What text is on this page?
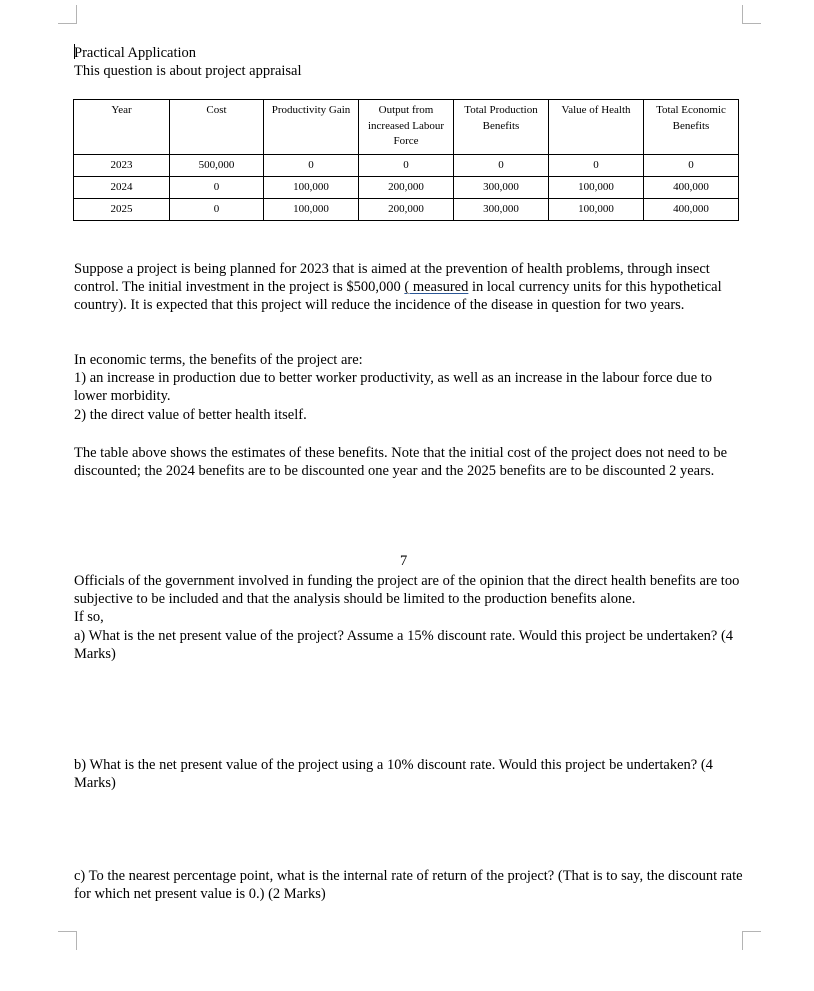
Practical Application
This question is about project appraisal
Year	Cost	Productivity Gain	Output from increased Labour Force	Total Production Benefits	Value of Health	Total Economic Benefits
2023	500,000	0	0	0	0	0
2024	0	100,000	200,000	300,000	100,000	400,000
2025	0	100,000	200,000	300,000	100,000	400,000

Suppose a project is being planned for 2023 that is aimed at the prevention of health problems, through insect control. The initial investment in the project is $500,000 ( measured in local currency units for this hypothetical country). It is expected that this project will reduce the incidence of the disease in question for two years.

In economic terms, the benefits of the project are:

1) an increase in production due to better worker productivity, as well as an increase in the labour force due to lower morbidity.

2) the direct value of better health itself.

The table above shows the estimates of these benefits. Note that the initial cost of the project does not need to be discounted; the 2024 benefits are to be discounted one year and the 2025 benefits are to be discounted 2 years.

7

Officials of the government involved in funding the project are of the opinion that the direct health benefits are too subjective to be included and that the analysis should be limited to the production benefits alone.

If so,

a) What is the net present value of the project? Assume a 15% discount rate. Would this project be undertaken? (4 Marks)

b) What is the net present value of the project using a 10% discount rate. Would this project be undertaken? (4 Marks)

c) To the nearest percentage point, what is the internal rate of return of the project? (That is to say, the discount rate for which net present value is 0.) (2 Marks)
